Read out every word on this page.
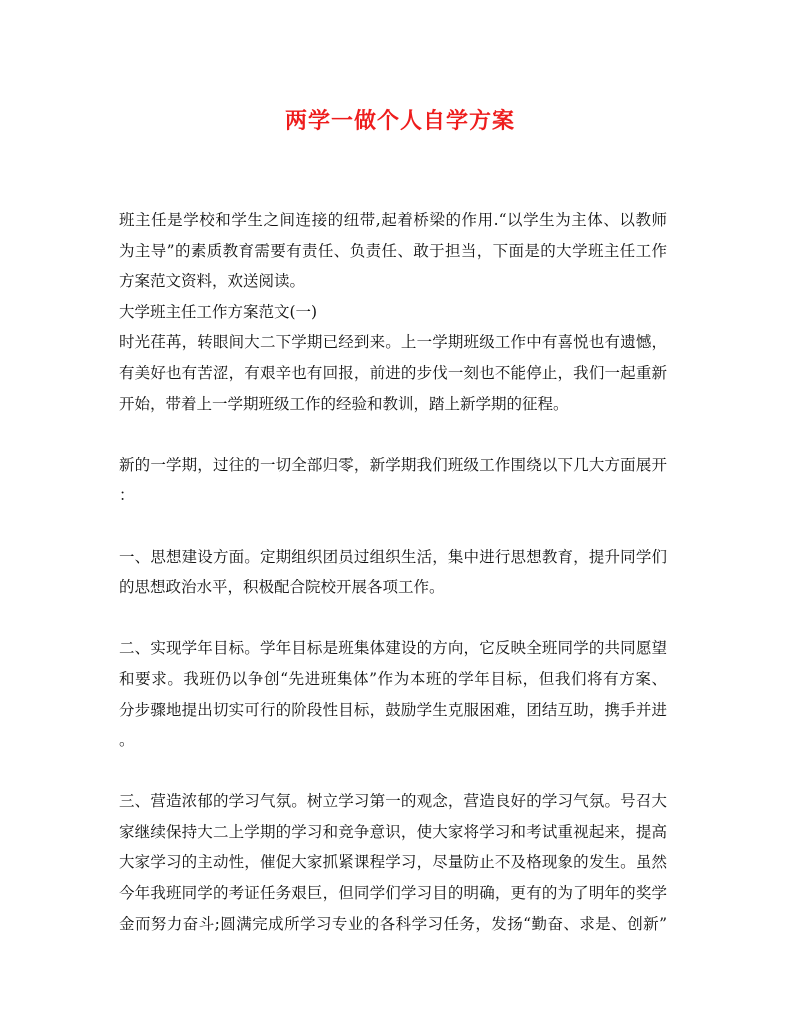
两学一做个人自学方案
班主任是学校和学生之间连接的纽带,起着桥梁的作用.“以学生为主体、以教师
为主导”的素质教育需要有责任、负责任、敢于担当，下面是的大学班主任工作
方案范文资料，欢送阅读。
大学班主任工作方案范文(一)
时光荏苒，转眼间大二下学期已经到来。上一学期班级工作中有喜悦也有遗憾，
有美好也有苦涩，有艰辛也有回报，前进的步伐一刻也不能停止，我们一起重新
开始，带着上一学期班级工作的经验和教训，踏上新学期的征程。
新的一学期，过往的一切全部归零，新学期我们班级工作围绕以下几大方面展开
：
一、思想建设方面。定期组织团员过组织生活，集中进行思想教育，提升同学们
的思想政治水平，积极配合院校开展各项工作。
二、实现学年目标。学年目标是班集体建设的方向，它反映全班同学的共同愿望
和要求。我班仍以争创“先进班集体”作为本班的学年目标，但我们将有方案、
分步骤地提出切实可行的阶段性目标，鼓励学生克服困难，团结互助，携手并进
。
三、营造浓郁的学习气氛。树立学习第一的观念，营造良好的学习气氛。号召大
家继续保持大二上学期的学习和竞争意识，使大家将学习和考试重视起来，提高
大家学习的主动性，催促大家抓紧课程学习，尽量防止不及格现象的发生。虽然
今年我班同学的考证任务艰巨，但同学们学习目的明确，更有的为了明年的奖学
金而努力奋斗;圆满完成所学习专业的各科学习任务，发扬“勤奋、求是、创新”
